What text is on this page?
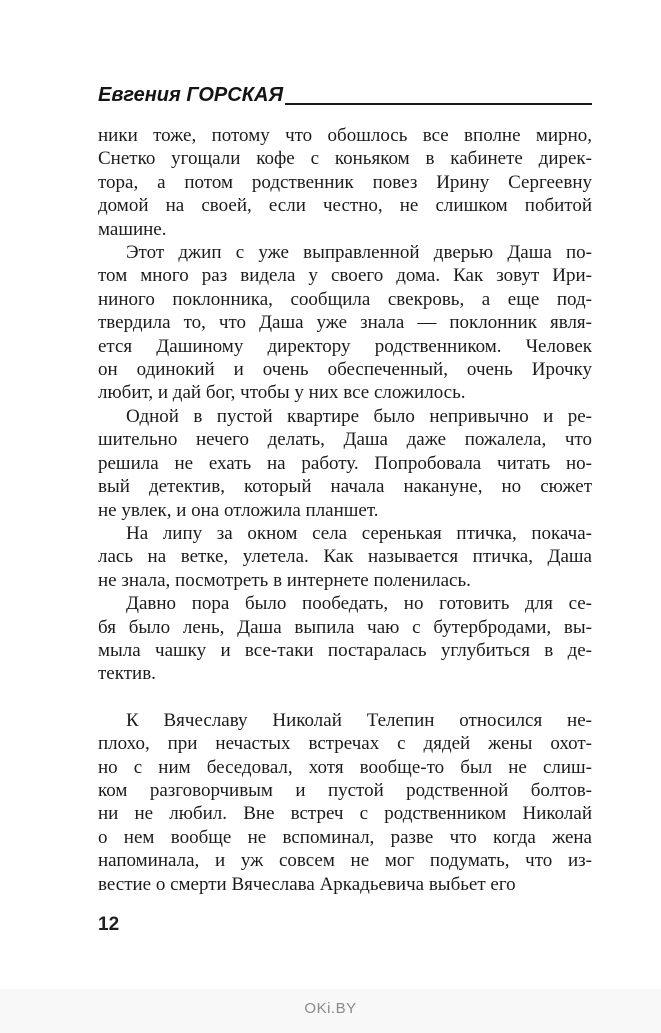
Евгения ГОРСКАЯ
ники тоже, потому что обошлось все вполне мирно,
Снетко угощали кофе с коньяком в кабинете дирек-
тора, а потом родственник повез Ирину Сергеевну
домой на своей, если честно, не слишком побитой
машине.
Этот джип с уже выправленной дверью Даша по-
том много раз видела у своего дома. Как зовут Ири-
ниного поклонника, сообщила свекровь, а еще под-
твердила то, что Даша уже знала — поклонник явля-
ется Дашиному директору родственником. Человек
он одинокий и очень обеспеченный, очень Ирочку
любит, и дай бог, чтобы у них все сложилось.
Одной в пустой квартире было непривычно и ре-
шительно нечего делать, Даша даже пожалела, что
решила не ехать на работу. Попробовала читать но-
вый детектив, который начала накануне, но сюжет
не увлек, и она отложила планшет.
На липу за окном села серенькая птичка, покача-
лась на ветке, улетела. Как называется птичка, Даша
не знала, посмотреть в интернете поленилась.
Давно пора было пообедать, но готовить для се-
бя было лень, Даша выпила чаю с бутербродами, вы-
мыла чашку и все-таки постаралась углубиться в де-
тектив.
К Вячеславу Николай Телепин относился не-
плохо, при нечастых встречах с дядей жены охот-
но с ним беседовал, хотя вообще-то был не слиш-
ком разговорчивым и пустой родственной болтов-
ни не любил. Вне встреч с родственником Николай
о нем вообще не вспоминал, разве что когда жена
напоминала, и уж совсем не мог подумать, что из-
вестие о смерти Вячеслава Аркадьевича выбьет его
12
OKi.BY
